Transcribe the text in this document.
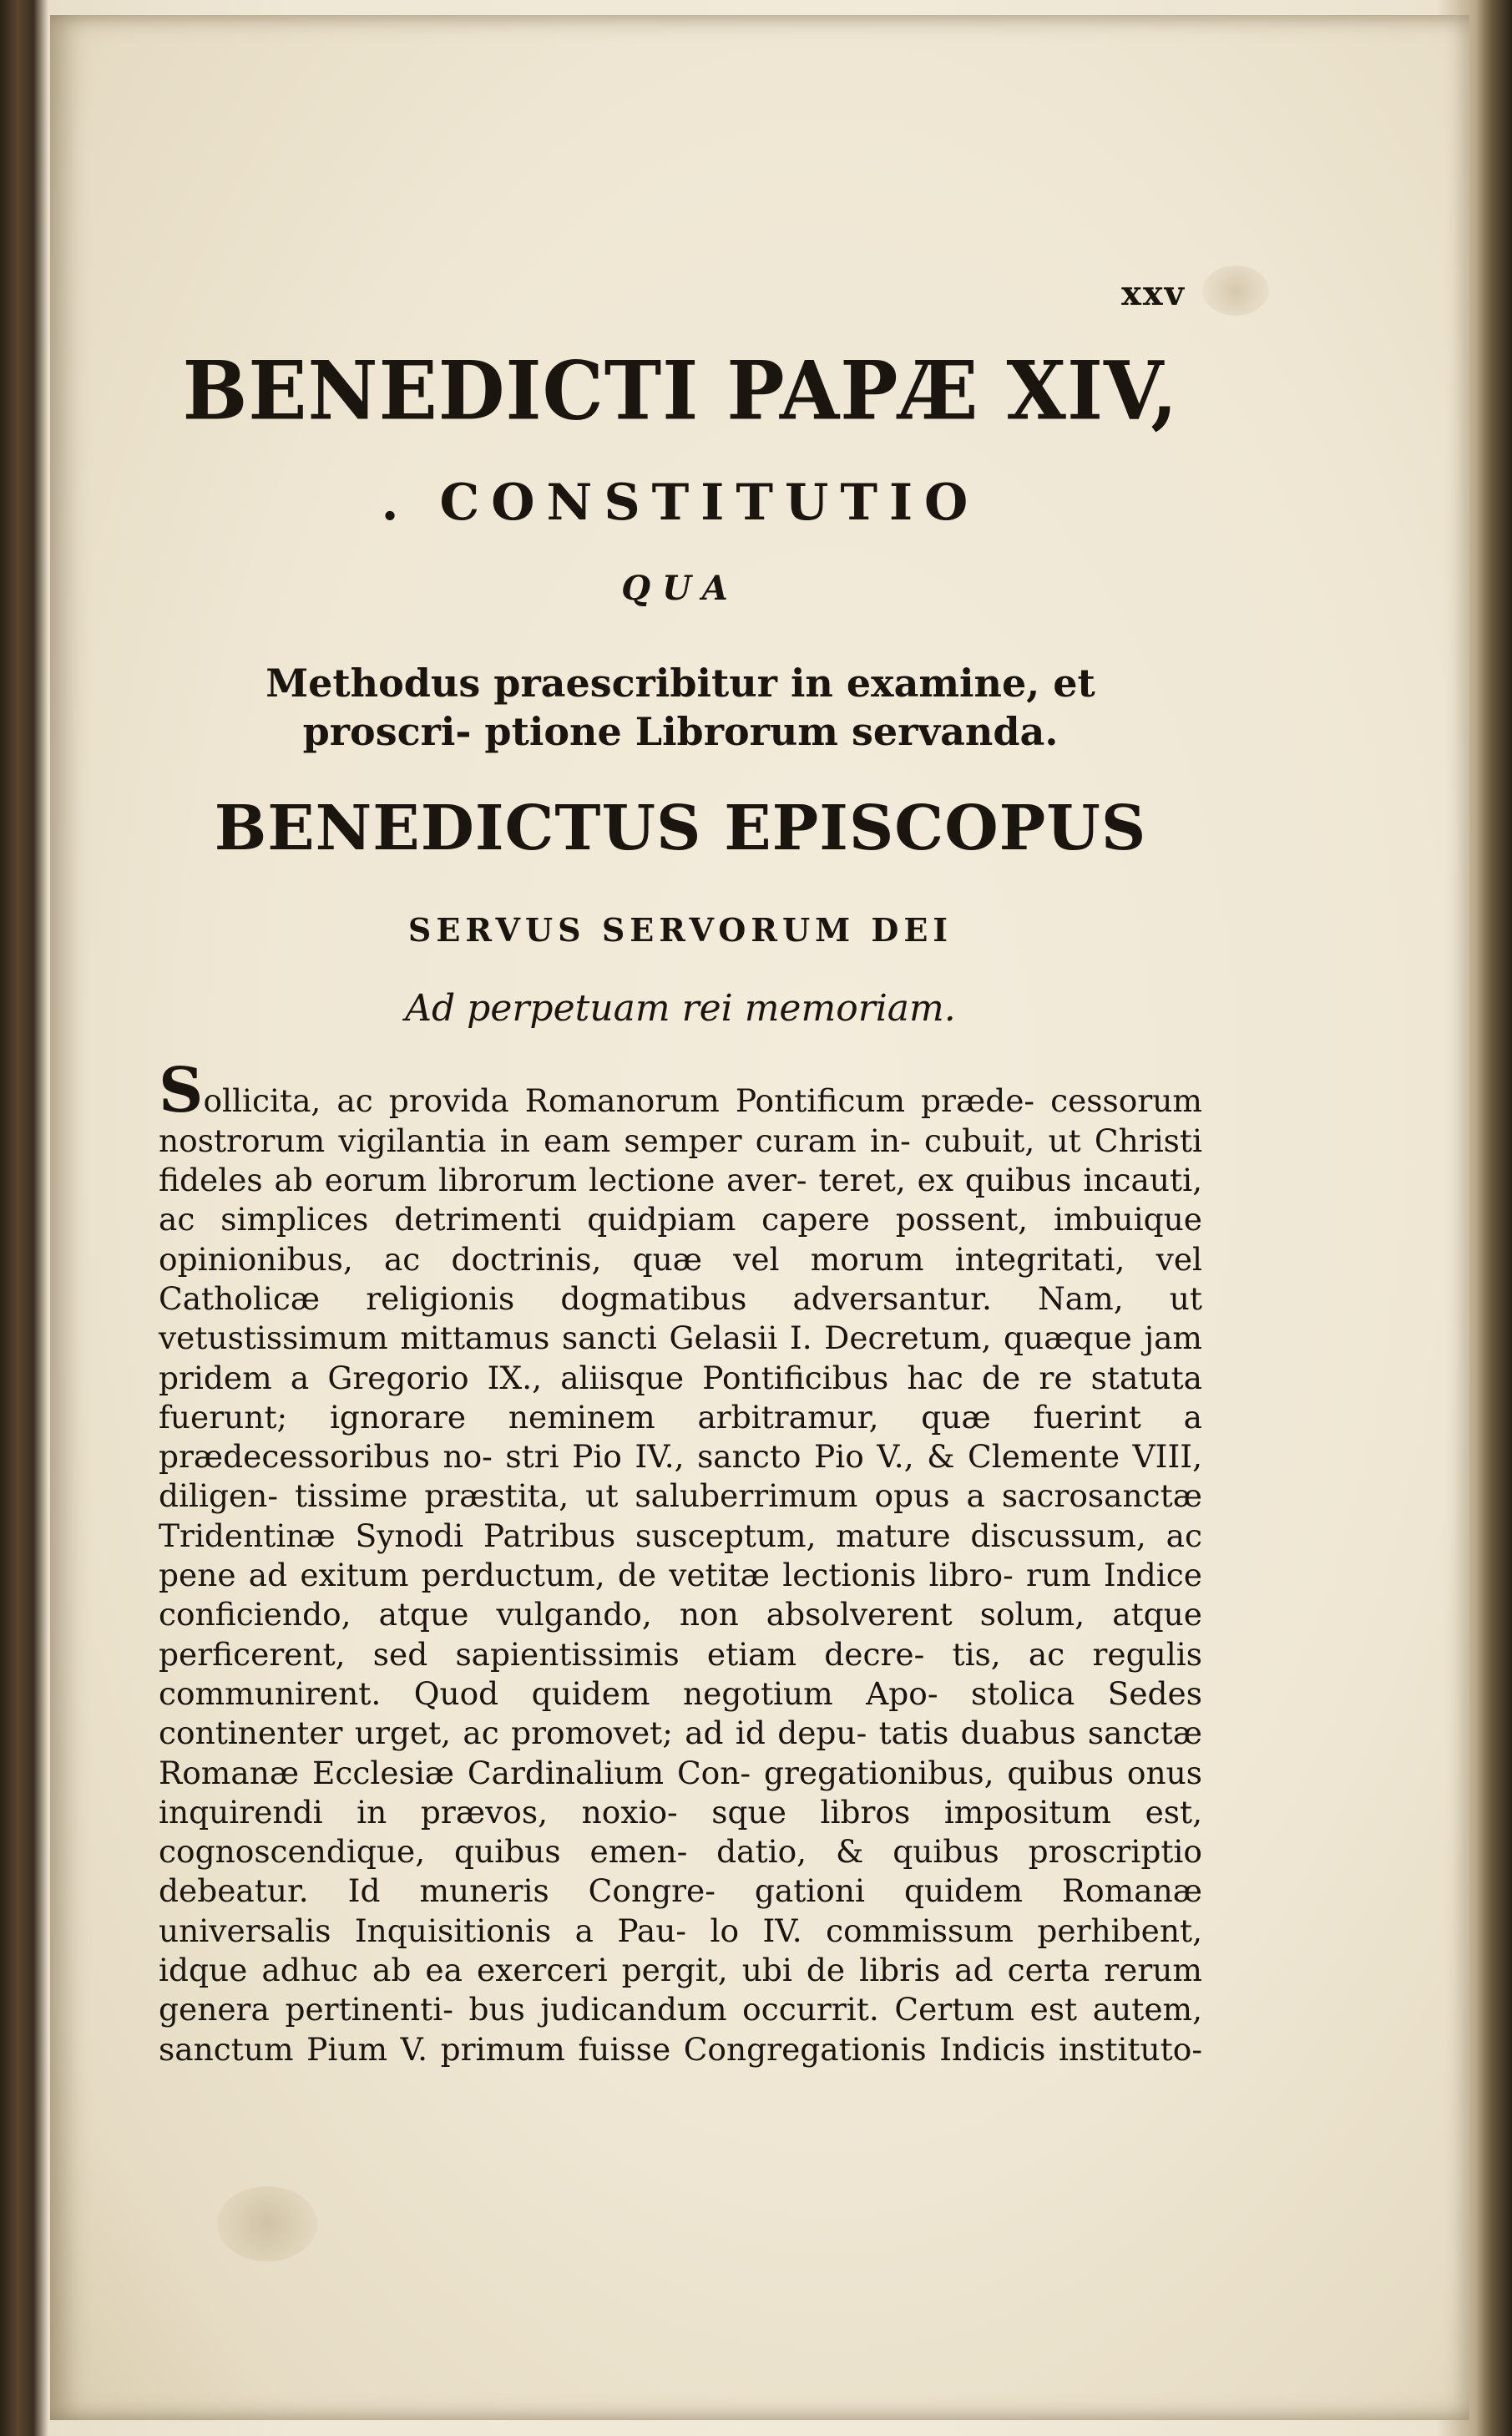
xxv
BENEDICTI PAPÆ XIV,
. CONSTITUTIO
QUA
Methodus praescribitur in examine, et proscri- ptione Librorum servanda.
BENEDICTUS EPISCOPUS
SERVUS SERVORUM DEI
Ad perpetuam rei memoriam.

Sollicita, ac provida Romanorum Pontificum præde- cessorum nostrorum vigilantia in eam semper curam in- cubuit, ut Christi fideles ab eorum librorum lectione aver- teret, ex quibus incauti, ac simplices detrimenti quidpiam capere possent, imbuique opinionibus, ac doctrinis, quæ vel morum integritati, vel Catholicæ religionis dogmatibus adversantur. Nam, ut vetustissimum mittamus sancti Gelasii I. Decretum, quæque jam pridem a Gregorio IX., aliisque Pontificibus hac de re statuta fuerunt; ignorare neminem arbitramur, quæ fuerint a prædecessoribus no- stri Pio IV., sancto Pio V., & Clemente VIII, diligen- tissime præstita, ut saluberrimum opus a sacrosanctæ Tridentinæ Synodi Patribus susceptum, mature discussum, ac pene ad exitum perductum, de vetitæ lectionis libro- rum Indice conficiendo, atque vulgando, non absolverent solum, atque perficerent, sed sapientissimis etiam decre- tis, ac regulis communirent. Quod quidem negotium Apo- stolica Sedes continenter urget, ac promovet; ad id depu- tatis duabus sanctæ Romanæ Ecclesiæ Cardinalium Con- gregationibus, quibus onus inquirendi in prævos, noxio- sque libros impositum est, cognoscendique, quibus emen- datio, & quibus proscriptio debeatur. Id muneris Congre- gationi quidem Romanæ universalis Inquisitionis a Pau- lo IV. commissum perhibent, idque adhuc ab ea exerceri pergit, ubi de libris ad certa rerum genera pertinenti- bus judicandum occurrit. Certum est autem, sanctum Pium V. primum fuisse Congregationis Indicis instituto-
